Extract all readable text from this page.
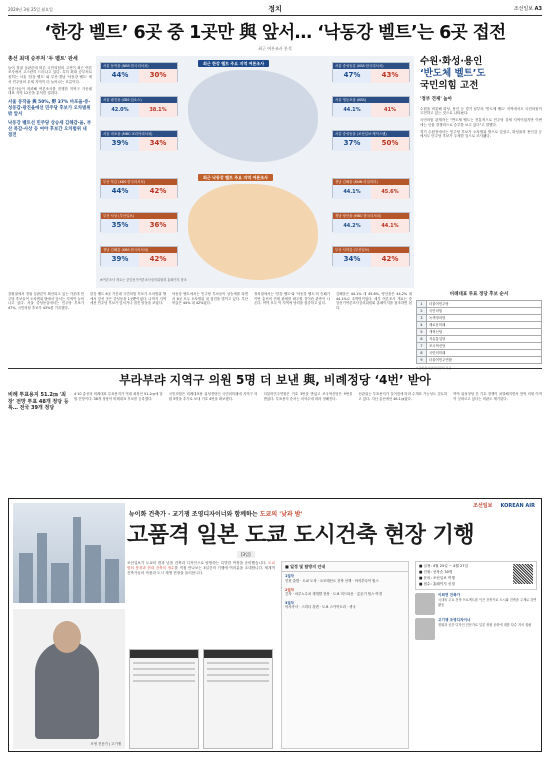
2024년 3월 25일 월요일	정치	조선일보 A3
‘한강 벨트’ 6곳 중 1곳만 與 앞서… ‘낙동강 벨트’는 6곳 접전
최근 여론조사 분석
총선 최대 승부처 '두 벨트' 판세

늘어 정권 심판론에 따른 국민의힘의 고전이 최근 여론조사에서 고스란히 드러나고 있다. 특히 최대 승부처로 꼽히는 서울 '한강 벨트' 와 부산·경남 '낙동강 벨트' 에서 민주당의 우세 지역이 더 늘어나는 흐름이다.

언론사들이 의뢰해 여론조사를 진행한 지역구 가운데 대표 지역 12곳을 분석한 결과다.

서울 동작을 與 50%, 野 37% 마포을·중·성동갑·광진을에선 민주당 후보가 오차범위 밖 앞서
낙동강 벨트선 민주당 상승세 김해갑·을, 부산 북갑·사상 등 여야 후보간 오차범위 내 접전
최근 한강 벨트 주요 지역 여론조사
최근 낙동강 벨트 주요 지역 여론조사
서울 동작을 (NBS·한국리서치)
44%	30%
서울 중성동갑 (KBS·한국리서치)
47%	43%
서울 광진을 (SBS·입소스)
42.0%	38.1%
서울 영등포을 (KBS)
44.1%	41%
서울 마포을 (MBC·코리아리서치)
39%	34%
서울 중성동을 (조선일보·케이스탯)
37%	50%
부산 북갑 (KBS·한국리서치)
44%	42%
경남 김해을 (KNN·리얼미터)
44.1%	45.6%
부산 사상 (부산일보)
35%	36%
경남 양산을 (MBC·한국리서치)
44.2%	44.1%
경남 김해갑 (KBS·한국리서치)
39%	42%
부산 사하갑 (부산일보)
34%	42%
※여론조사 개요는 중앙선거여론조사심의위원회 홈페이지 참조
수원·화성·용인
‘반도체 벨트’도
국민의힘 고전
'정부 견제' 높아

수원을 비롯해 화성, 용인 등 경기 남부의 '반도체 벨트' 지역에서도 국민의힘이 고전하고 있는 것으로 나타났다.

국민의힘 관계자는 "반도체 벨트는 전통적으로 민주당 강세 지역이었지만 이번에는 인물 경쟁력으로 승부를 보고 있다"고 말했다.

경기 수원정에서는 민주당 후보가 오차범위 밖으로 앞섰고, 화성을과 용인갑 등에서도 민주당 후보가 우세한 것으로 조사됐다.

강원권에서 정권 심판론이 확산되고 있는 가운데 민주당 후보들이 오차범위 밖에서 앞서는 지역이 늘어나고 있다. 서울 중성동갑에서는 민주당 후보가 47%, 국민의힘 후보가 43%를 기록했다.
한강 벨트 6곳 가운데 국민의힘 후보가 오차범위 밖에서 앞선 곳은 중성동을 1곳뿐이었다. 나머지 지역에선 민주당 후보가 앞서거나 접전 양상을 보였다.
낙동강 벨트에서는 민주당 후보들이 상승세를 타면서 6곳 모두 오차범위 내 접전을 벌이고 있다. 부산 북갑은 44% 대 42%였다.
정치권에서는 '한강 벨트'와 '낙동강 벨트'의 승패가 이번 총선의 전체 판세를 좌우할 것이란 관측이 나온다. 여야 모두 이 지역에 당력을 집중하고 있다.
김해을은 44.1% 대 45.6%, 양산을은 44.2% 대 44.1%로 초박빙이었다. 세부 여론조사 개요는 중앙선거여론조사심의위원회 홈페이지를 참조하면 된다.
비례대표 투표 정당 후보 순서
1	더불어민주당
2	국민의힘
3	녹색정의당
4	새로운미래
5	개혁신당
6	자유통일당
7	조국혁신당
8	국민의미래
9	더불어민주연합
부라부랴 지역구 의원 5명 더 보낸 與, 비례정당 ‘4번’ 받아
비례 투표용지 51.2㎝ '최장' 전망 투표 48개 정당 등록… 전국 39개 정당
4·10 총선의 비례대표 투표용지가 역대 최장인 51.2㎝에 달할 전망이다. 38개 정당이 비례대표 후보를 등록했다.
국민의힘은 비례대표용 위성정당인 국민의미래에 지역구 의원 5명을 추가로 보내 기호 4번을 확보했다.
더불어민주연합은 기호 3번을 받았고 조국혁신당은 9번을 받았다. 투표용지 순서는 의석수에 따라 정해진다.
선관위는 투표용지가 길어짐에 따라 수개표 가능성도 검토하고 있다. 지난 총선에선 48.1㎝였다.
여야 위성정당 간 기호 경쟁이 치열해지면서 현역 의원 이적이 잇따르고 있다는 비판도 제기된다.
조선일보 KOREAN AIR
뉴이화 건축가 · 교기쟁 조영디자이너와 함께하는 도쿄의 '낮과 밤'
고품격 일본 도쿄 도시건축 현장 기행
[3일]
조선일보가 도쿄의 밤과 낮을 건축과 디자인으로 탐방하는 특별한 여정을 준비했습니다. 도쿄 밤의 풍경과 현대 건축의 정수를 직접 만나보는 3일간의 기행에 여러분을 초대합니다. 세계적 건축가들의 작품과 도시 재생 현장을 둘러봅니다.
조영 전문가 | 고기쟁
■ 일정 및 탐방지 안내
1일차
인천 출발 · 도쿄 도착 · 오모테산도 건축 산책 · 아자부다이 힐스
2일차
긴자 · 마루노우치 재개발 현장 · 도쿄 미드타운 · 롯폰기 힐스 야경
3일차
아사쿠사 · 스미다 강변 · 도쿄 스카이트리 · 귀국
■ 일정: 4월 25일 ~ 4월 27일
■ 인원: 선착순 30명
■ 문의: 조선일보 여행
■ 접수: 홈페이지 신청
이회연 건축가
국내외 주요 건축 프로젝트를 이끈 건축가로 도시와 건축을 주제로 강연 활동
고기쟁 조영디자이너
정원과 공간 디자인 전문가로 일본 정원 문화에 대한 다수 저서 집필
